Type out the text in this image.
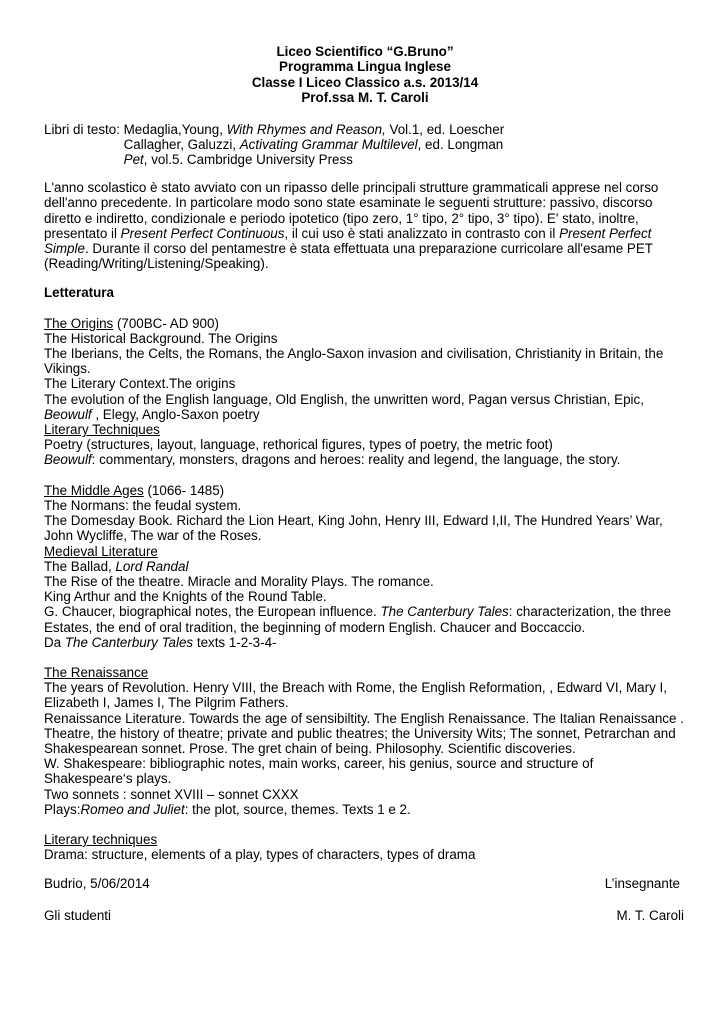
Liceo Scientifico “G.Bruno”
Programma Lingua Inglese
Classe I Liceo Classico a.s. 2013/14
Prof.ssa M. T. Caroli
Libri di testo: Medaglia,Young, With Rhymes and Reason, Vol.1, ed. Loescher
Callagher, Galuzzi, Activating Grammar Multilevel, ed. Longman
Pet, vol.5. Cambridge University Press

L'anno scolastico è stato avviato con un ripasso delle principali strutture grammaticali apprese nel corso dell'anno precedente. In particolare modo sono state esaminate le seguenti strutture: passivo, discorso diretto e indiretto, condizionale e periodo ipotetico (tipo zero, 1° tipo, 2° tipo, 3° tipo). E' stato, inoltre, presentato il Present Perfect Continuous, il cui uso è stati analizzato in contrasto con il Present Perfect Simple. Durante il corso del pentamestre è stata effettuata una preparazione curricolare all'esame PET (Reading/Writing/Listening/Speaking).

Letteratura

The Origins (700BC- AD 900)

The Historical Background. The Origins

The Iberians, the Celts, the Romans, the Anglo-Saxon invasion and civilisation, Christianity in Britain, the Vikings.

The Literary Context.The origins

The evolution of the English language, Old English, the unwritten word, Pagan versus Christian, Epic, Beowulf , Elegy, Anglo-Saxon poetry

Literary Techniques

Poetry (structures, layout, language, rethorical figures, types of poetry, the metric foot)

Beowulf: commentary, monsters, dragons and heroes: reality and legend, the language, the story.

The Middle Ages (1066- 1485)

The Normans: the feudal system.

The Domesday Book. Richard the Lion Heart, King John, Henry III, Edward I,II, The Hundred Years’ War, John Wycliffe, The war of the Roses.

Medieval Literature

The Ballad, Lord Randal

The Rise of the theatre. Miracle and Morality Plays. The romance.

King Arthur and the Knights of the Round Table.

G. Chaucer, biographical notes, the European influence. The Canterbury Tales: characterization, the three Estates, the end of oral tradition, the beginning of modern English. Chaucer and Boccaccio.

Da The Canterbury Tales texts 1-2-3-4-

The Renaissance

The years of Revolution. Henry VIII, the Breach with Rome, the English Reformation, , Edward VI, Mary I, Elizabeth I, James I, The Pilgrim Fathers.

Renaissance Literature. Towards the age of sensibiltity. The English Renaissance. The Italian Renaissance . Theatre, the history of theatre; private and public theatres; the University Wits; The sonnet, Petrarchan and Shakespearean sonnet. Prose. The gret chain of being. Philosophy. Scientific discoveries.

W. Shakespeare: bibliographic notes, main works, career, his genius, source and structure of Shakespeare‘s plays.

Two sonnets : sonnet XVIII – sonnet CXXX

Plays:Romeo and Juliet: the plot, source, themes. Texts 1 e 2.

Literary techniques

Drama: structure, elements of a play, types of characters, types of drama

Budrio, 5/06/2014	L’insegnante
Gli studenti	M. T. Caroli
